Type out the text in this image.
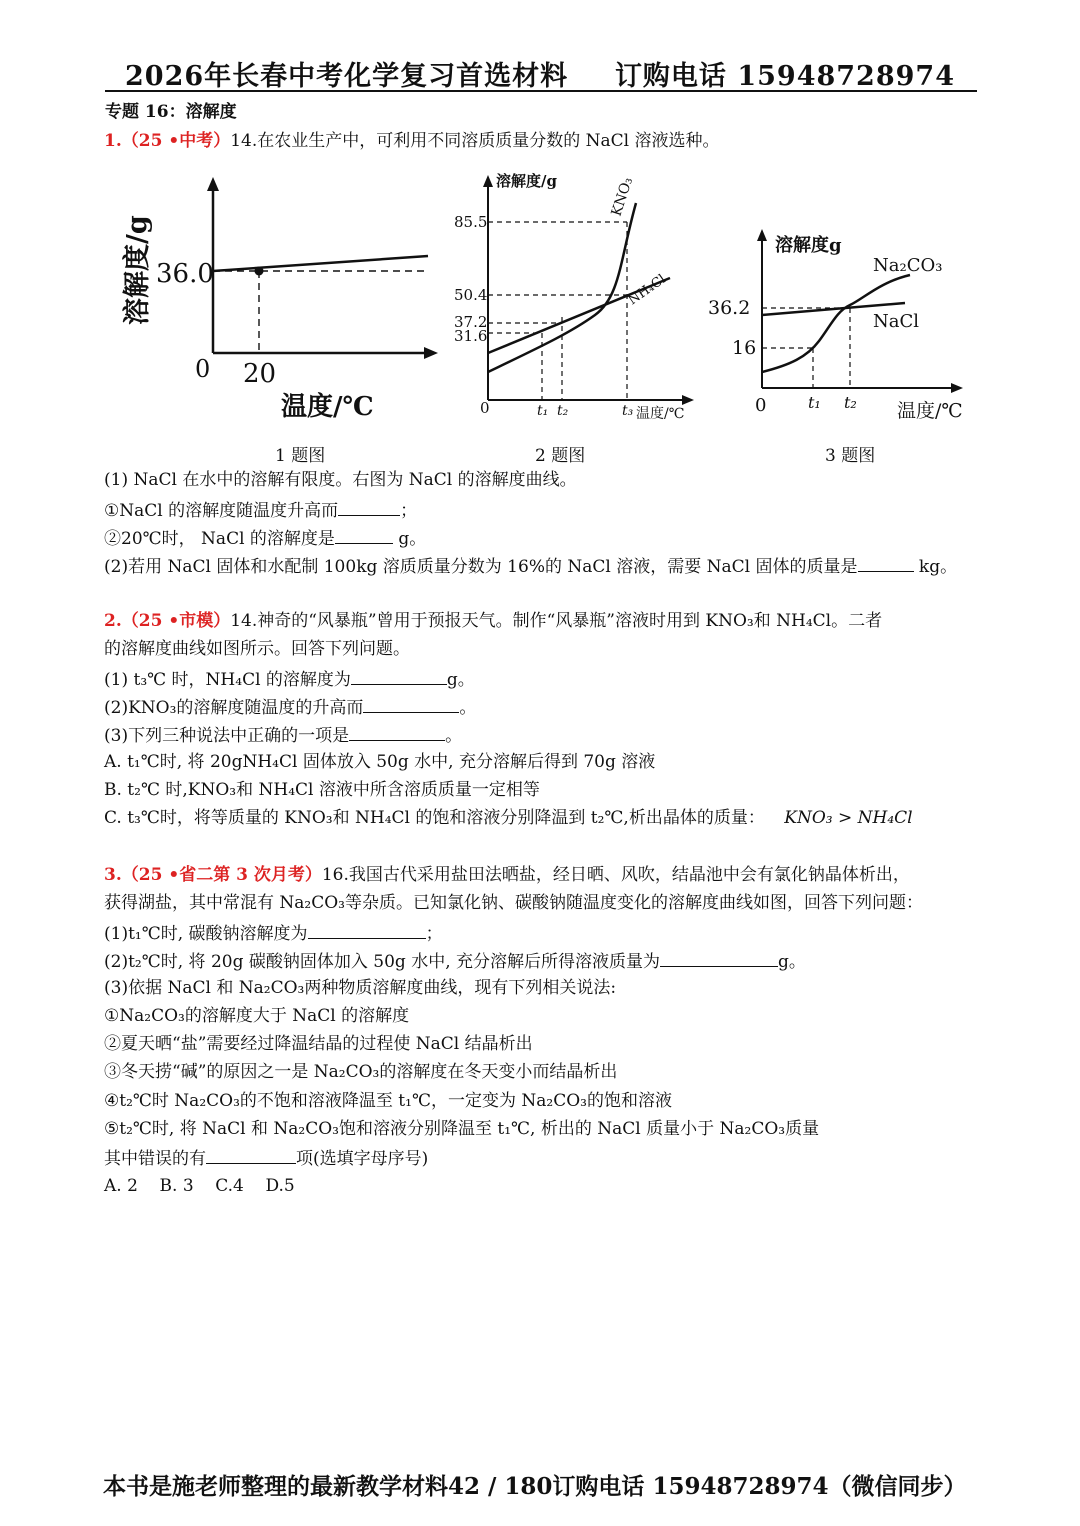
2026年长春中考化学复习首选材料 订购电话 15948728974
专题 16：溶解度
1.（25 •中考）14.在农业生产中，可利用不同溶质质量分数的 NaCl 溶液选种。
36.0
0 20
温度/℃
溶解度/g	85.5
50.4
37.2
31.6
0	t₁ t₂	t₃ 温度/℃
溶解度/g	KNO₃
NH₄Cl 36.2
16
0	t₁ t₂ 温度/℃
溶解度g
Na₂CO₃
NaCl
1 题图	2 题图	3 题图
(1) NaCl 在水中的溶解有限度。右图为 NaCl 的溶解度曲线。
①NaCl 的溶解度随温度升高而	；
②20℃时， NaCl 的溶解度是	g。
(2)若用 NaCl 固体和水配制 100kg 溶质质量分数为 16%的 NaCl 溶液，需要 NaCl 固体的质量是	kg。
2.（25 •市模）14.神奇的“风暴瓶”曾用于预报天气。制作“风暴瓶”溶液时用到 KNO₃和 NH₄Cl。二者
的溶解度曲线如图所示。回答下列问题。
(1) t₃℃ 时，NH₄Cl 的溶解度为	g。
(2)KNO₃的溶解度随温度的升高而	。
(3)下列三种说法中正确的一项是	。
A. t₁℃时, 将 20gNH₄Cl 固体放入 50g 水中, 充分溶解后得到 70g 溶液
B. t₂℃ 时,KNO₃和 NH₄Cl 溶液中所含溶质质量一定相等
C. t₃℃时，将等质量的 KNO₃和 NH₄Cl 的饱和溶液分别降温到 t₂℃,析出晶体的质量： KNO₃ > NH₄Cl
3.（25 •省二第 3 次月考）16.我国古代采用盐田法晒盐，经日晒、风吹，结晶池中会有氯化钠晶体析出，
获得湖盐，其中常混有 Na₂CO₃等杂质。已知氯化钠、碳酸钠随温度变化的溶解度曲线如图，回答下列问题：
(1)t₁℃时, 碳酸钠溶解度为	；
(2)t₂℃时, 将 20g 碳酸钠固体加入 50g 水中, 充分溶解后所得溶液质量为	g。
(3)依据 NaCl 和 Na₂CO₃两种物质溶解度曲线，现有下列相关说法:
①Na₂CO₃的溶解度大于 NaCl 的溶解度
②夏天晒“盐”需要经过降温结晶的过程使 NaCl 结晶析出
③冬天捞“碱”的原因之一是 Na₂CO₃的溶解度在冬天变小而结晶析出
④t₂℃时 Na₂CO₃的不饱和溶液降温至 t₁℃，一定变为 Na₂CO₃的饱和溶液
⑤t₂℃时, 将 NaCl 和 Na₂CO₃饱和溶液分别降温至 t₁℃, 析出的 NaCl 质量小于 Na₂CO₃质量
其中错误的有	项(选填字母序号)
A. 2    B. 3    C.4    D.5
本书是施老师整理的最新教学材料42 / 180订购电话 15948728974（微信同步）
